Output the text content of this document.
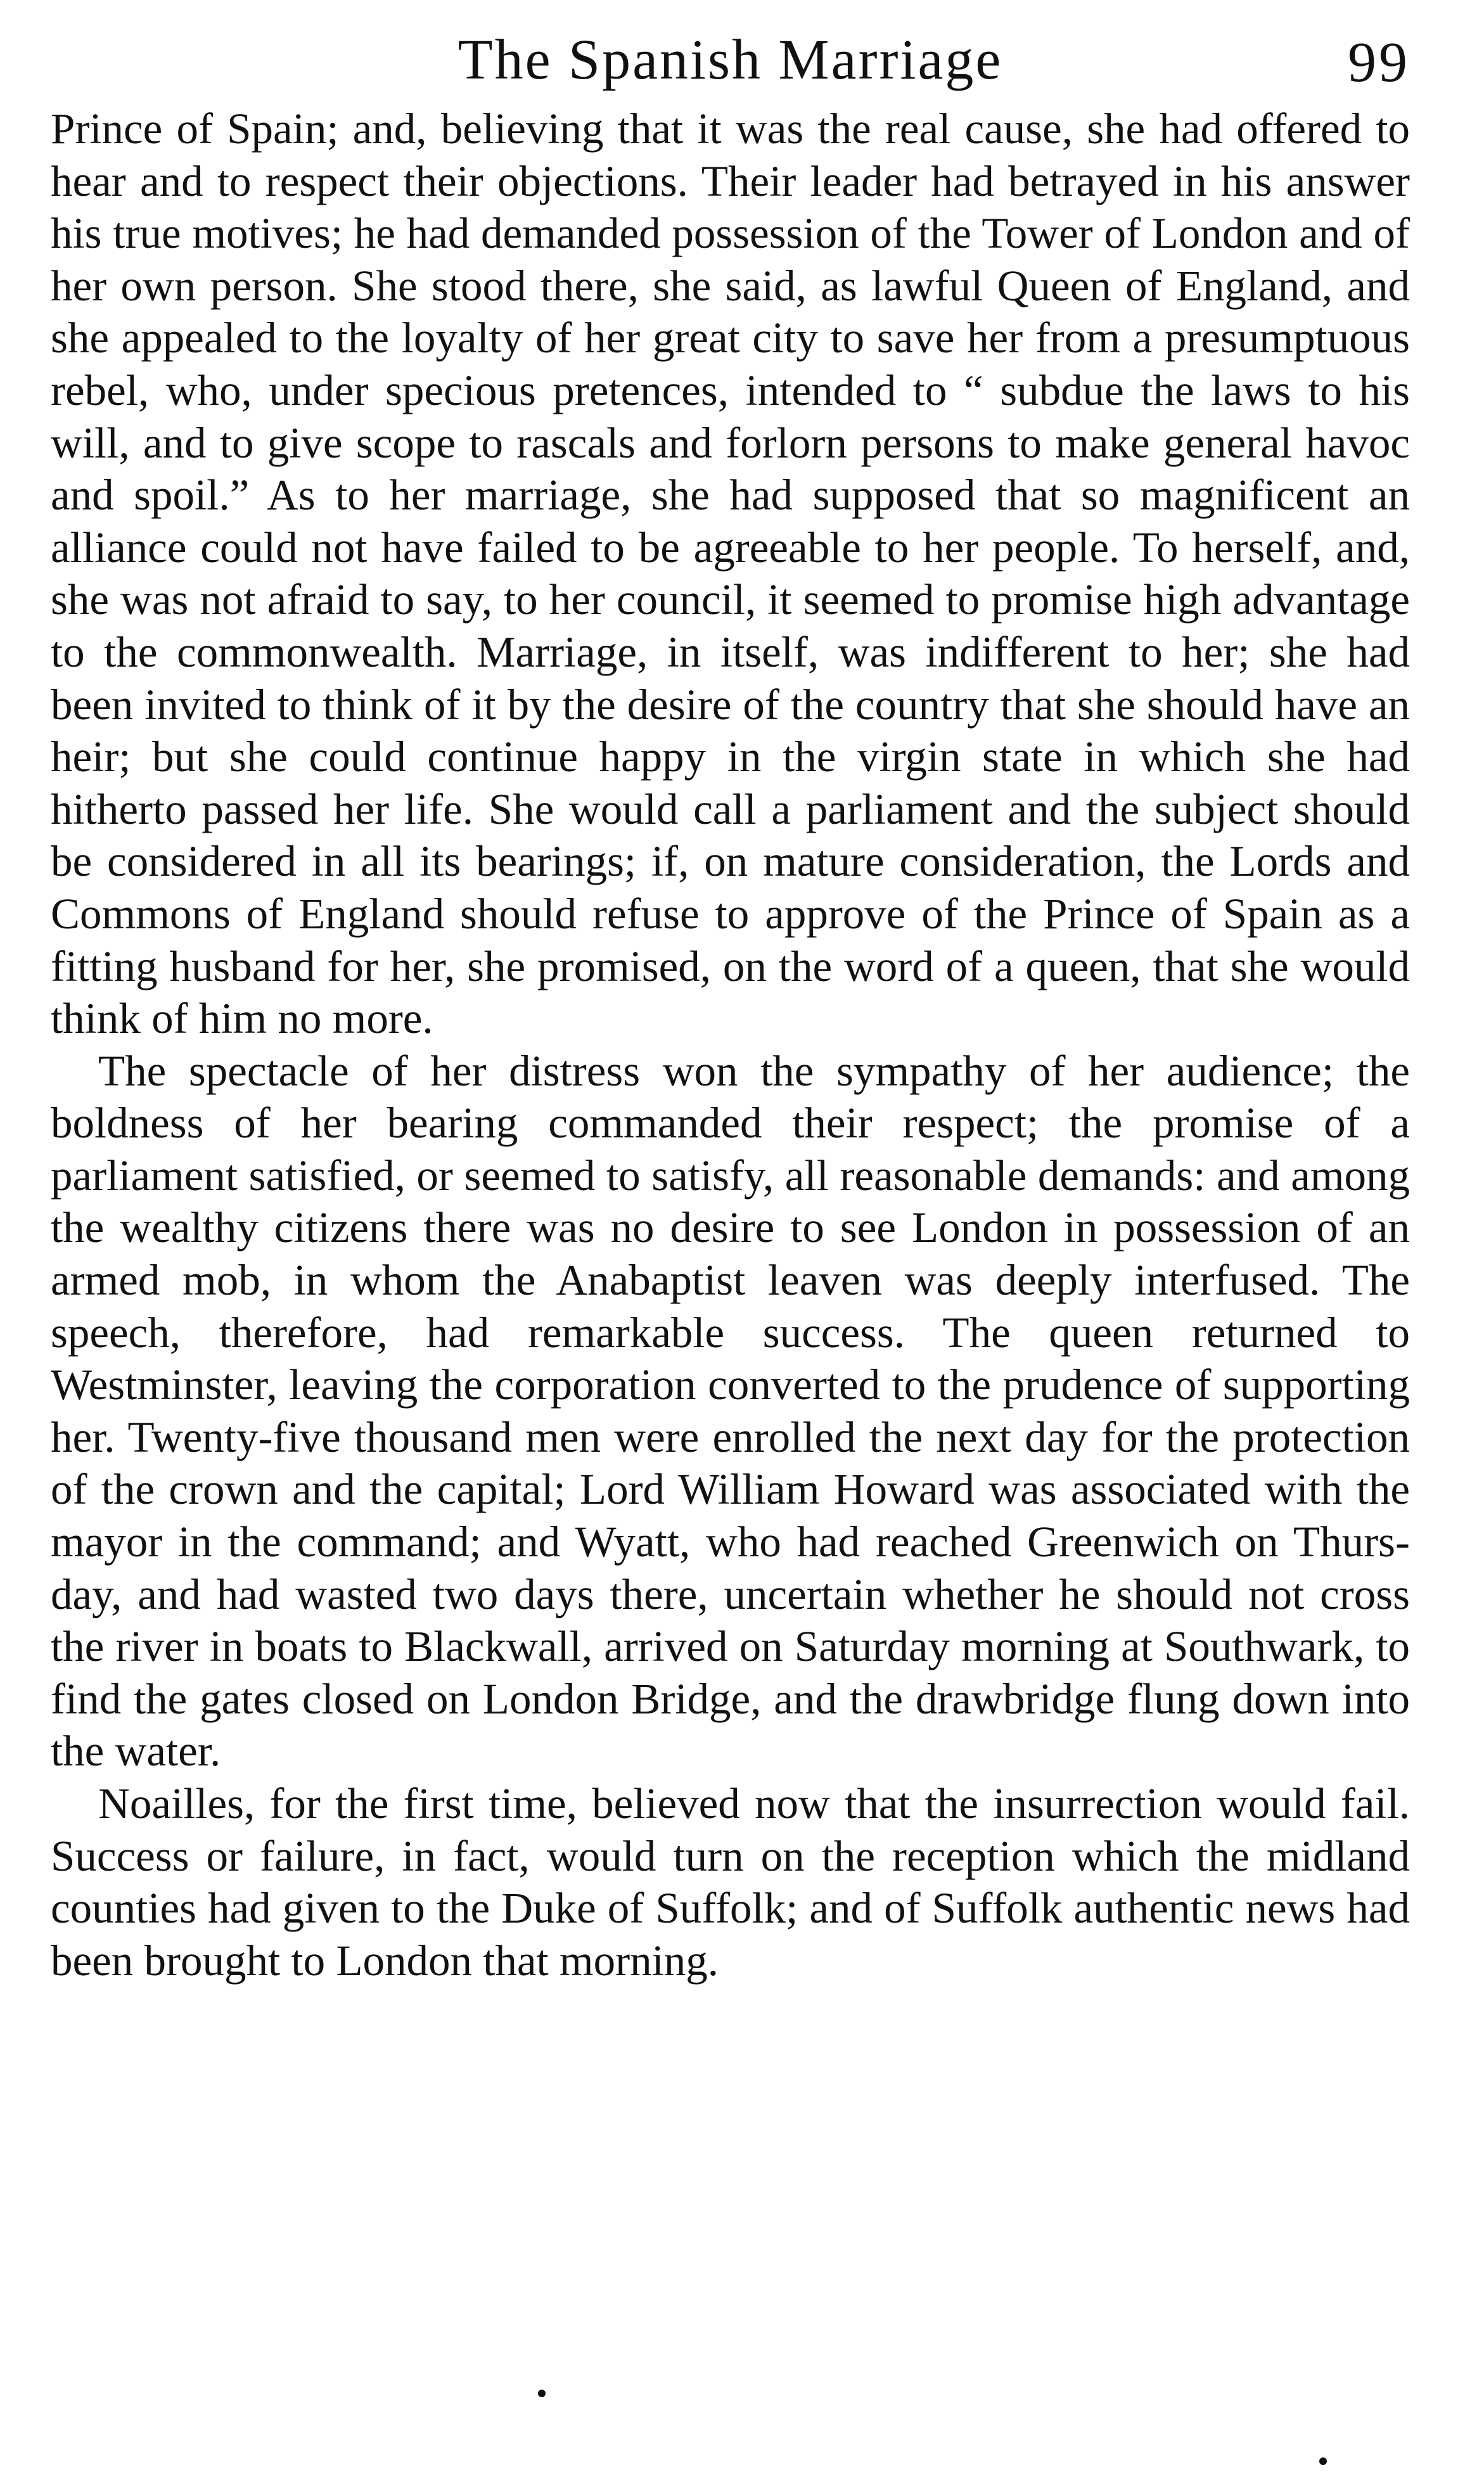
The Spanish Marriage	99

Prince of Spain; and, believing that it was the real cause, she had offered to hear and to respect their objections. Their leader had betrayed in his answer his true motives; he had demanded possession of the Tower of London and of her own person. She stood there, she said, as lawful Queen of England, and she appealed to the loyalty of her great city to save her from a presumptuous rebel, who, under specious pretences, intended to “ subdue the laws to his will, and to give scope to rascals and forlorn persons to make general havoc and spoil.” As to her marriage, she had supposed that so magnificent an alliance could not have failed to be agreeable to her people. To herself, and, she was not afraid to say, to her council, it seemed to promise high advantage to the commonwealth. Marriage, in itself, was indifferent to her; she had been invited to think of it by the desire of the country that she should have an heir; but she could continue happy in the virgin state in which she had hitherto passed her life. She would call a parliament and the subject should be considered in all its bearings; if, on mature consideration, the Lords and Commons of England should refuse to approve of the Prince of Spain as a fitting husband for her, she promised, on the word of a queen, that she would think of him no more.

The spectacle of her distress won the sympathy of her audience; the boldness of her bearing commanded their respect; the promise of a parliament satisfied, or seemed to satisfy, all reasonable demands: and among the wealthy citizens there was no desire to see London in possession of an armed mob, in whom the Anabaptist leaven was deeply interfused. The speech, therefore, had remarkable success. The queen returned to Westminster, leaving the corporation converted to the prudence of supporting her. Twenty-five thousand men were enrolled the next day for the protection of the crown and the capital; Lord William Howard was associated with the mayor in the command; and Wyatt, who had reached Greenwich on Thursday, and had wasted two days there, uncertain whether he should not cross the river in boats to Blackwall, arrived on Saturday morning at Southwark, to find the gates closed on London Bridge, and the drawbridge flung down into the water.

Noailles, for the first time, believed now that the insurrection would fail. Success or failure, in fact, would turn on the reception which the midland counties had given to the Duke of Suffolk; and of Suffolk authentic news had been brought to London that morning.
